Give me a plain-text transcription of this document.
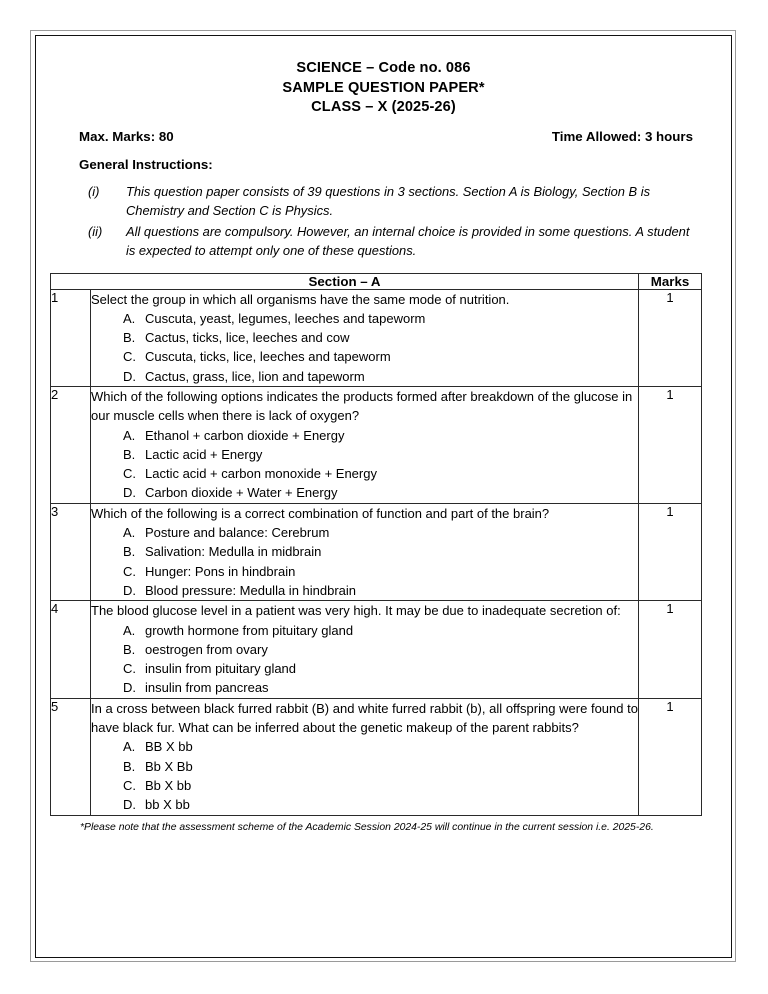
SCIENCE – Code no. 086
SAMPLE QUESTION PAPER*
CLASS – X (2025-26)
Max. Marks: 80	Time Allowed: 3 hours
General Instructions:
(i)	This question paper consists of 39 questions in 3 sections. Section A is Biology, Section B is Chemistry and Section C is Physics.
(ii)	All questions are compulsory. However, an internal choice is provided in some questions. A student is expected to attempt only one of these questions.
Section – A		Marks
1	Select the group in which all organisms have the same mode of nutrition.

A. Cuscuta, yeast, legumes, leeches and tapeworm
B. Cactus, ticks, lice, leeches and cow
C. Cuscuta, ticks, lice, leeches and tapeworm
D. Cactus, grass, lice, lion and tapeworm
	1
2	Which of the following options indicates the products formed after breakdown of the glucose in our muscle cells when there is lack of oxygen?

A. Ethanol + carbon dioxide + Energy
B. Lactic acid + Energy
C. Lactic acid + carbon monoxide + Energy
D. Carbon dioxide + Water + Energy
	1
3	Which of the following is a correct combination of function and part of the brain?

A. Posture and balance: Cerebrum
B. Salivation: Medulla in midbrain
C. Hunger: Pons in hindbrain
D. Blood pressure: Medulla in hindbrain
	1
4	The blood glucose level in a patient was very high. It may be due to inadequate secretion of:

A. growth hormone from pituitary gland
B. oestrogen from ovary
C. insulin from pituitary gland
D. insulin from pancreas
	1
5	In a cross between black furred rabbit (B) and white furred rabbit (b), all offspring were found to have black fur. What can be inferred about the genetic makeup of the parent rabbits?

A. BB X bb
B. Bb X Bb
C. Bb X bb
D. bb X bb
	1
*Please note that the assessment scheme of the Academic Session 2024-25 will continue in the current session i.e. 2025-26.
